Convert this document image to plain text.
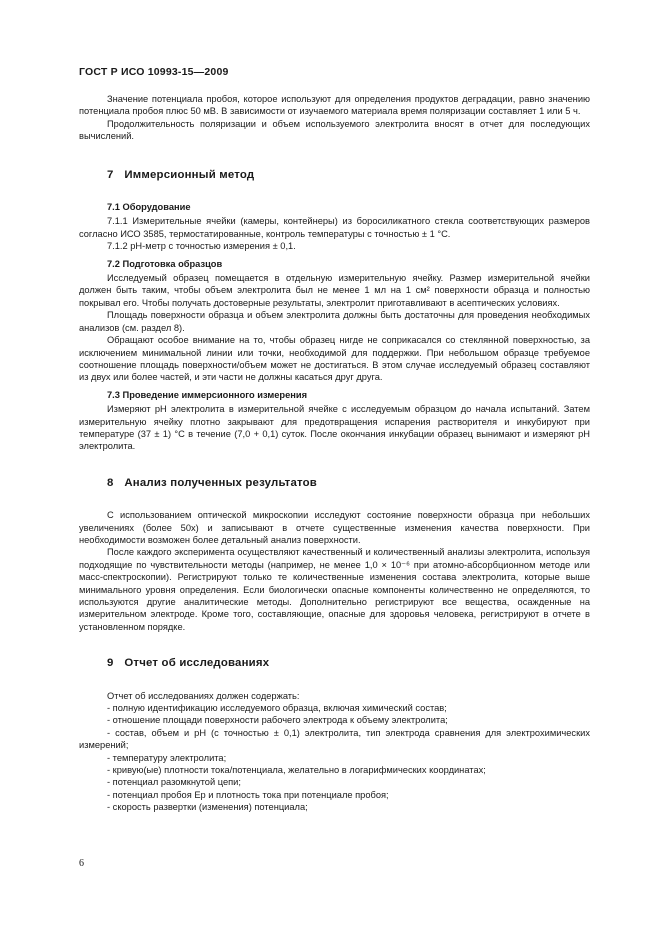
ГОСТ Р ИСО 10993-15—2009

Значение потенциала пробоя, которое используют для определения продуктов деградации, равно значению потенциала пробоя плюс 50 мВ. В зависимости от изучаемого материала время поляризации составляет 1 или 5 ч.

Продолжительность поляризации и объем используемого электролита вносят в отчет для последующих вычислений.

7 Иммерсионный метод
7.1 Оборудование

7.1.1 Измерительные ячейки (камеры, контейнеры) из боросиликатного стекла соответствующих размеров согласно ИСО 3585, термостатированные, контроль температуры с точностью ± 1 °С.

7.1.2 рН-метр с точностью измерения ± 0,1.

7.2 Подготовка образцов

Исследуемый образец помещается в отдельную измерительную ячейку. Размер измерительной ячейки должен быть таким, чтобы объем электролита был не менее 1 мл на 1 см² поверхности образца и полностью покрывал его. Чтобы получать достоверные результаты, электролит приготавливают в асептических условиях.

Площадь поверхности образца и объем электролита должны быть достаточны для проведения необходимых анализов (см. раздел 8).

Обращают особое внимание на то, чтобы образец нигде не соприкасался со стеклянной поверхностью, за исключением минимальной линии или точки, необходимой для поддержки. При небольшом образце требуемое соотношение площадь поверхности/объем может не достигаться. В этом случае исследуемый образец составляют из двух или более частей, и эти части не должны касаться друг друга.

7.3 Проведение иммерсионного измерения

Измеряют рН электролита в измерительной ячейке с исследуемым образцом до начала испытаний. Затем измерительную ячейку плотно закрывают для предотвращения испарения растворителя и инкубируют при температуре (37 ± 1) °С в течение (7,0 + 0,1) суток. После окончания инкубации образец вынимают и измеряют рН электролита.

8 Анализ полученных результатов

С использованием оптической микроскопии исследуют состояние поверхности образца при небольших увеличениях (более 50x) и записывают в отчете существенные изменения качества поверхности. При необходимости возможен более детальный анализ поверхности.

После каждого эксперимента осуществляют качественный и количественный анализы электролита, используя подходящие по чувствительности методы (например, не менее 1,0 × 10⁻⁶ при атомно-абсорбционном методе или масс-спектроскопии). Регистрируют только те количественные изменения состава электролита, которые выше минимального уровня определения. Если биологически опасные компоненты количественно не определяются, то используются другие аналитические методы. Дополнительно регистрируют все вещества, осажденные на измерительном электроде. Кроме того, составляющие, опасные для здоровья человека, регистрируют в отчете в установленном порядке.

9 Отчет об исследованиях

Отчет об исследованиях должен содержать:

- полную идентификацию исследуемого образца, включая химический состав;

- отношение площади поверхности рабочего электрода к объему электролита;

- состав, объем и рН (с точностью ± 0,1) электролита, тип электрода сравнения для электрохимических измерений;

- температуру электролита;

- кривую(ые) плотности тока/потенциала, желательно в логарифмических координатах;

- потенциал разомкнутой цепи;

- потенциал пробоя Eр и плотность тока при потенциале пробоя;

- скорость развертки (изменения) потенциала;

6
